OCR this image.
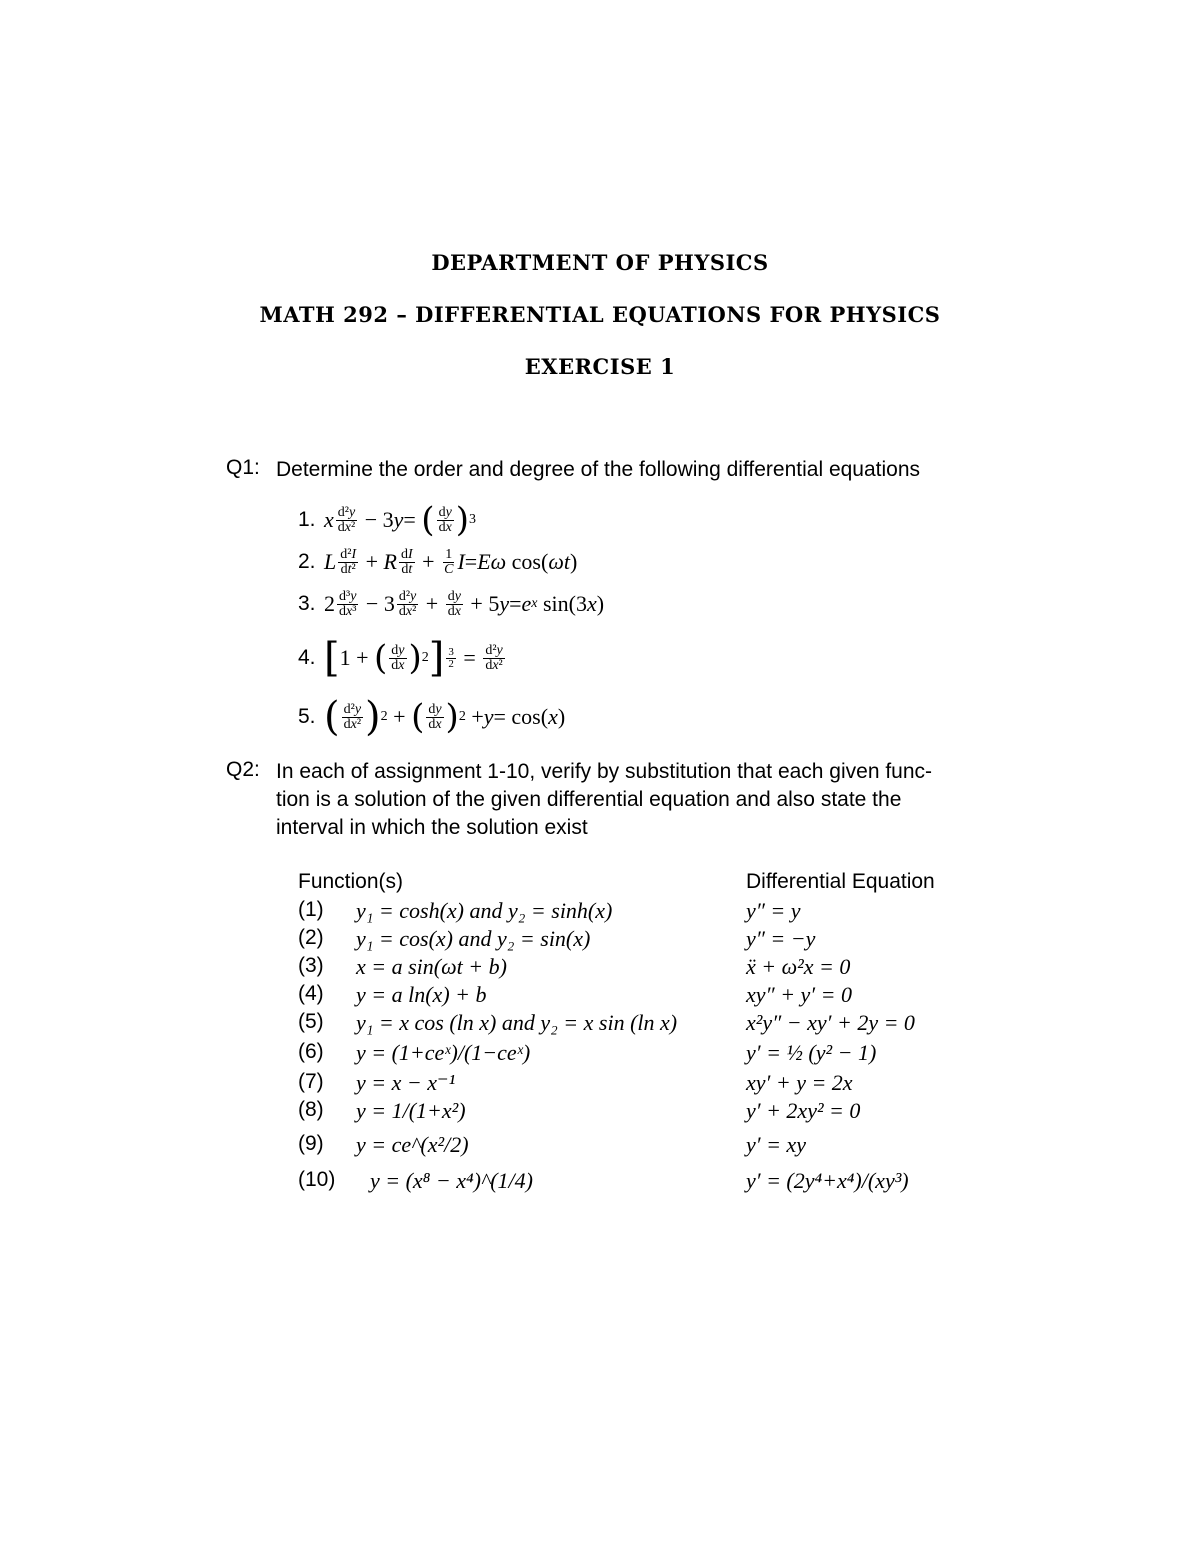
DEPARTMENT OF PHYSICS
MATH 292 – DIFFERENTIAL EQUATIONS FOR PHYSICS
EXERCISE 1
Q1: Determine the order and degree of the following differential equations
1. x $\frac{\text{d²y}}{\text{dx²}} - 3$ y = ( $\frac{dy}{dx}$ ) 3
2. L $\frac{\text{d²I}}{\text{dt²}} + R \frac{dI}{dt} + \frac{1}{C}$ I = Eω cos( ωt )
3. $2 \frac{\text{d³y}}{\text{dx³}} - 3 \frac{\text{d²y}}{\text{dx²}} + \frac{dy}{dx} + 5$ y = e x sin(3 x )
4. [ 1 + ( $\frac{dy}{dx}$ ) 2 ] $\frac{3}{2} = \frac{\text{d²y}}{\text{dx²}}$
5. ( $\frac{\text{d²y}}{\text{dx²}}$ ) 2 + ( $\frac{dy}{dx}$ ) 2 + y = cos( x )
Q2: In each of assignment 1-10, verify by substitution that each given func-
tion is a solution of the given differential equation and also state the
interval in which the solution exist
Function(s)	Differential Equation
(1) y₁ = cosh(x) and y₂ = sinh(x)	y″ = y
(2) y₁ = cos(x) and y₂ = sin(x)	y″ = −y
(3) x = a sin(ωt + b)	ẍ + ω²x = 0
(4) y = a ln(x) + b	xy″ + y′ = 0
(5) y₁ = x cos (ln x) and y₂ = x sin (ln x)	x²y″ − xy′ + 2y = 0
(6) y = (1+ceˣ)/(1−ceˣ)	y′ = ½ (y² − 1)
(7) y = x − x⁻¹	xy′ + y = 2x
(8) y = 1/(1+x²)	y′ + 2xy² = 0
(9) y = ce^(x²/2)	y′ = xy
(10) y = (x⁸ − x⁴)^(1/4)	y′ = (2y⁴+x⁴)/(xy³)
